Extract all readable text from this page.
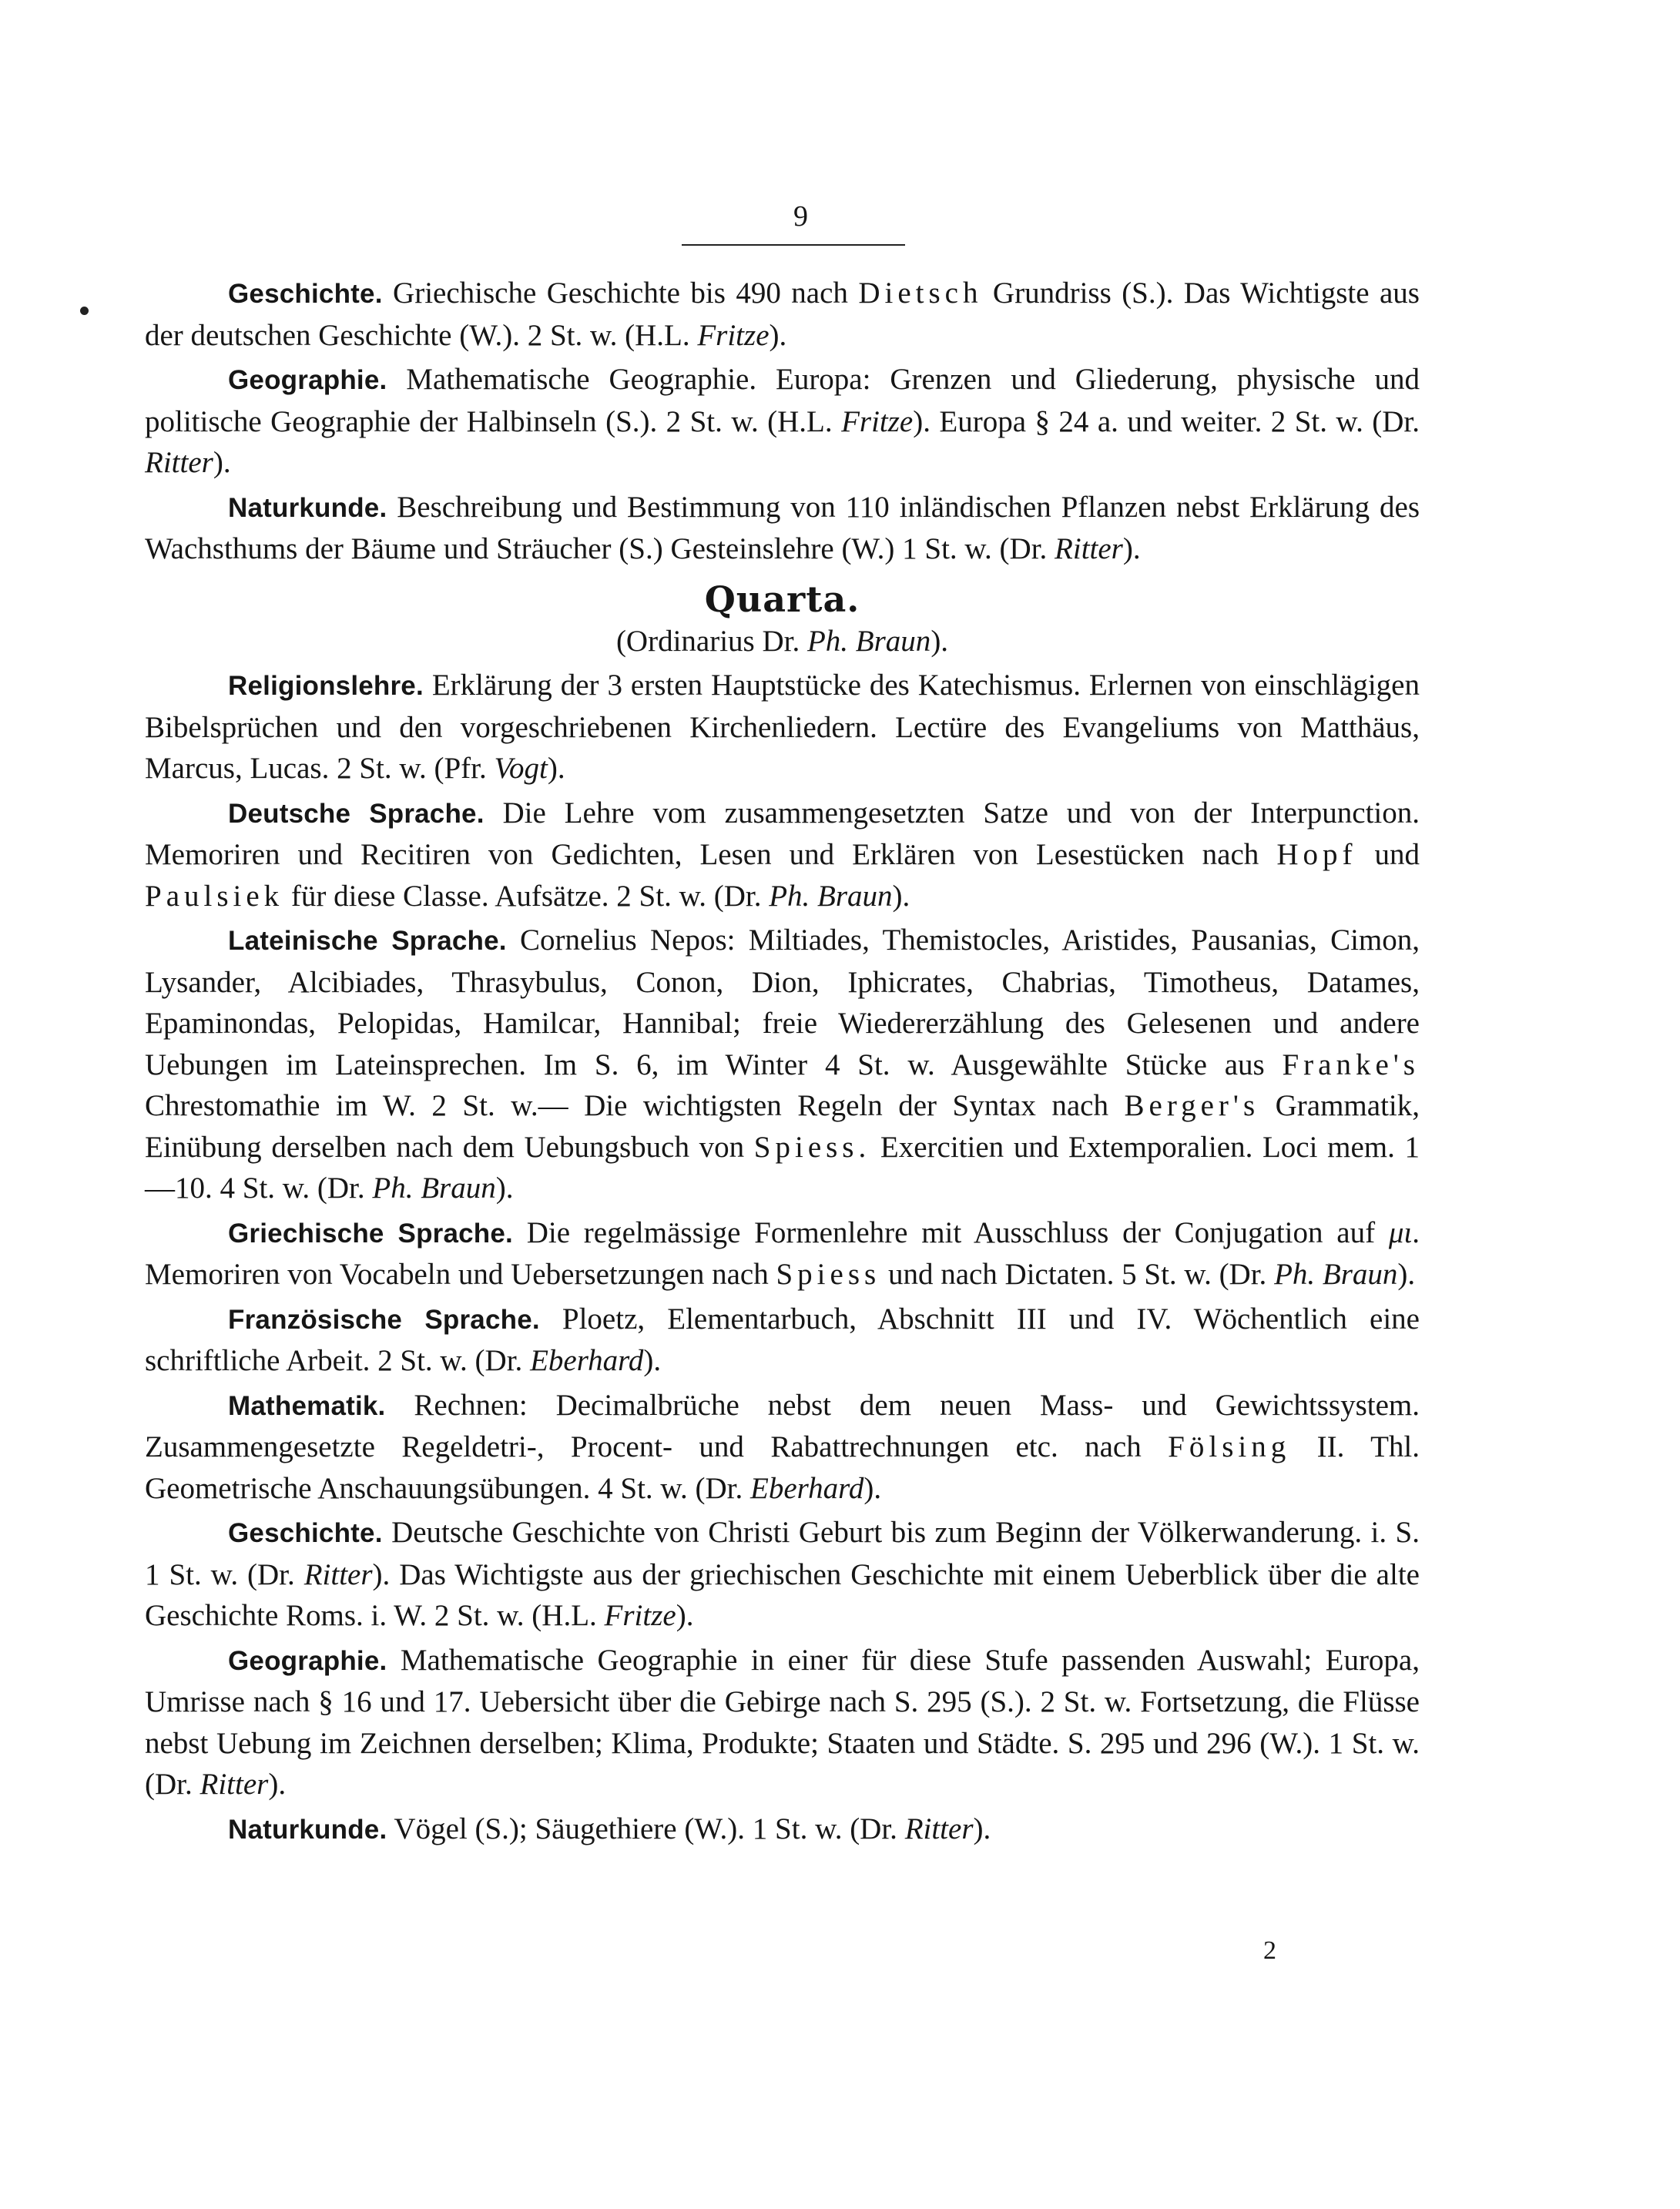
9

Geschichte. Griechische Geschichte bis 490 nach Dietsch Grundriss (S.). Das Wichtigste aus der deutschen Geschichte (W.). 2 St. w. (H.L. Fritze).

Geographie. Mathematische Geographie. Europa: Grenzen und Gliederung, physische und politische Geographie der Halbinseln (S.). 2 St. w. (H.L. Fritze). Europa § 24 a. und weiter. 2 St. w. (Dr. Ritter).

Naturkunde. Beschreibung und Bestimmung von 110 inländischen Pflanzen nebst Erklärung des Wachsthums der Bäume und Sträucher (S.) Gesteinslehre (W.) 1 St. w. (Dr. Ritter).

Quarta.
(Ordinarius Dr. Ph. Braun).

Religionslehre. Erklärung der 3 ersten Hauptstücke des Katechismus. Erlernen von einschlägigen Bibelsprüchen und den vorgeschriebenen Kirchenliedern. Lectüre des Evangeliums von Matthäus, Marcus, Lucas. 2 St. w. (Pfr. Vogt).

Deutsche Sprache. Die Lehre vom zusammengesetzten Satze und von der Interpunction. Memoriren und Recitiren von Gedichten, Lesen und Erklären von Lesestücken nach Hopf und Paulsiek für diese Classe. Aufsätze. 2 St. w. (Dr. Ph. Braun).

Lateinische Sprache. Cornelius Nepos: Miltiades, Themistocles, Aristides, Pausanias, Cimon, Lysander, Alcibiades, Thrasybulus, Conon, Dion, Iphicrates, Chabrias, Timotheus, Datames, Epaminondas, Pelopidas, Hamilcar, Hannibal; freie Wiedererzählung des Gelesenen und andere Uebungen im Lateinsprechen. Im S. 6, im Winter 4 St. w. Ausgewählte Stücke aus Franke's Chrestomathie im W. 2 St. w.— Die wichtigsten Regeln der Syntax nach Berger's Grammatik, Einübung derselben nach dem Uebungsbuch von Spiess. Exercitien und Extemporalien. Loci mem. 1—10. 4 St. w. (Dr. Ph. Braun).

Griechische Sprache. Die regelmässige Formenlehre mit Ausschluss der Conjugation auf μι. Memoriren von Vocabeln und Uebersetzungen nach Spiess und nach Dictaten. 5 St. w. (Dr. Ph. Braun).

Französische Sprache. Ploetz, Elementarbuch, Abschnitt III und IV. Wöchentlich eine schriftliche Arbeit. 2 St. w. (Dr. Eberhard).

Mathematik. Rechnen: Decimalbrüche nebst dem neuen Mass- und Gewichtssystem. Zusammengesetzte Regeldetri-, Procent- und Rabattrechnungen etc. nach Fölsing II. Thl. Geometrische Anschauungsübungen. 4 St. w. (Dr. Eberhard).

Geschichte. Deutsche Geschichte von Christi Geburt bis zum Beginn der Völkerwanderung. i. S. 1 St. w. (Dr. Ritter). Das Wichtigste aus der griechischen Geschichte mit einem Ueberblick über die alte Geschichte Roms. i. W. 2 St. w. (H.L. Fritze).

Geographie. Mathematische Geographie in einer für diese Stufe passenden Auswahl; Europa, Umrisse nach § 16 und 17. Uebersicht über die Gebirge nach S. 295 (S.). 2 St. w. Fortsetzung, die Flüsse nebst Uebung im Zeichnen derselben; Klima, Produkte; Staaten und Städte. S. 295 und 296 (W.). 1 St. w. (Dr. Ritter).

Naturkunde. Vögel (S.); Säugethiere (W.). 1 St. w. (Dr. Ritter).

2
